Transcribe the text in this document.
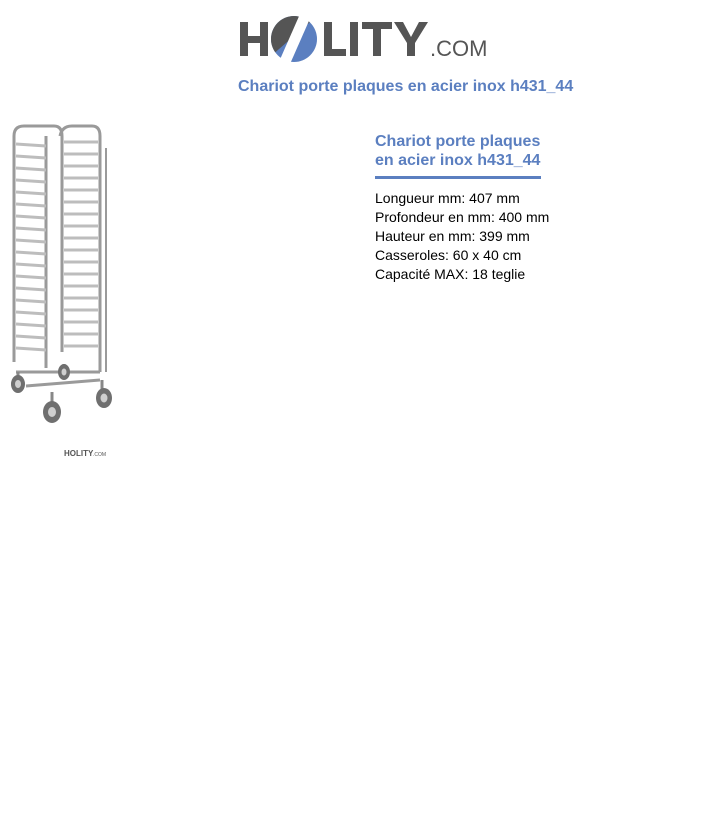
.COM
Chariot porte plaques en acier inox h431_44
HOLITY .COM
Chariot porte plaques en acier inox h431_44
Longueur mm: 407 mm
Profondeur en mm: 400 mm
Hauteur en mm: 399 mm
Casseroles: 60 x 40 cm
Capacité MAX: 18 teglie
